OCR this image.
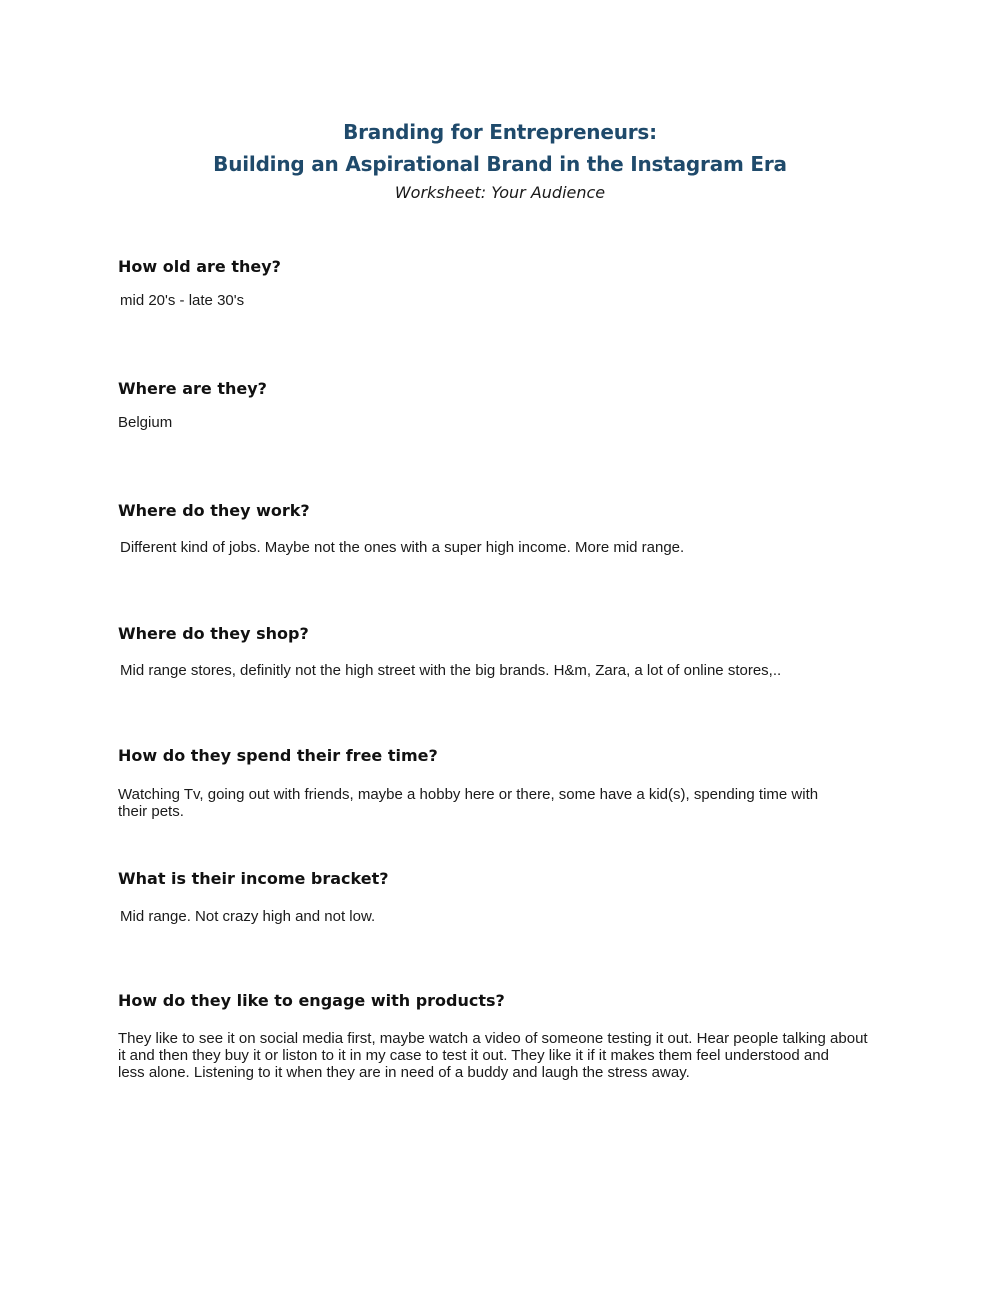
Branding for Entrepreneurs:
Building an Aspirational Brand in the Instagram Era

Worksheet: Your Audience

How old are they?

mid 20's - late 30's

Where are they?

Belgium

Where do they work?

Different kind of jobs. Maybe not the ones with a super high income. More mid range.

Where do they shop?

Mid range stores, definitly not the high street with the big brands. H&m, Zara, a lot of online stores,..

How do they spend their free time?

Watching Tv, going out with friends, maybe a hobby here or there, some have a kid(s), spending time with
their pets.

What is their income bracket?

Mid range. Not crazy high and not low.

How do they like to engage with products?

They like to see it on social media first, maybe watch a video of someone testing it out. Hear people talking about
it and then they buy it or liston to it in my case to test it out. They like it if it makes them feel understood and
less alone. Listening to it when they are in need of a buddy and laugh the stress away.
